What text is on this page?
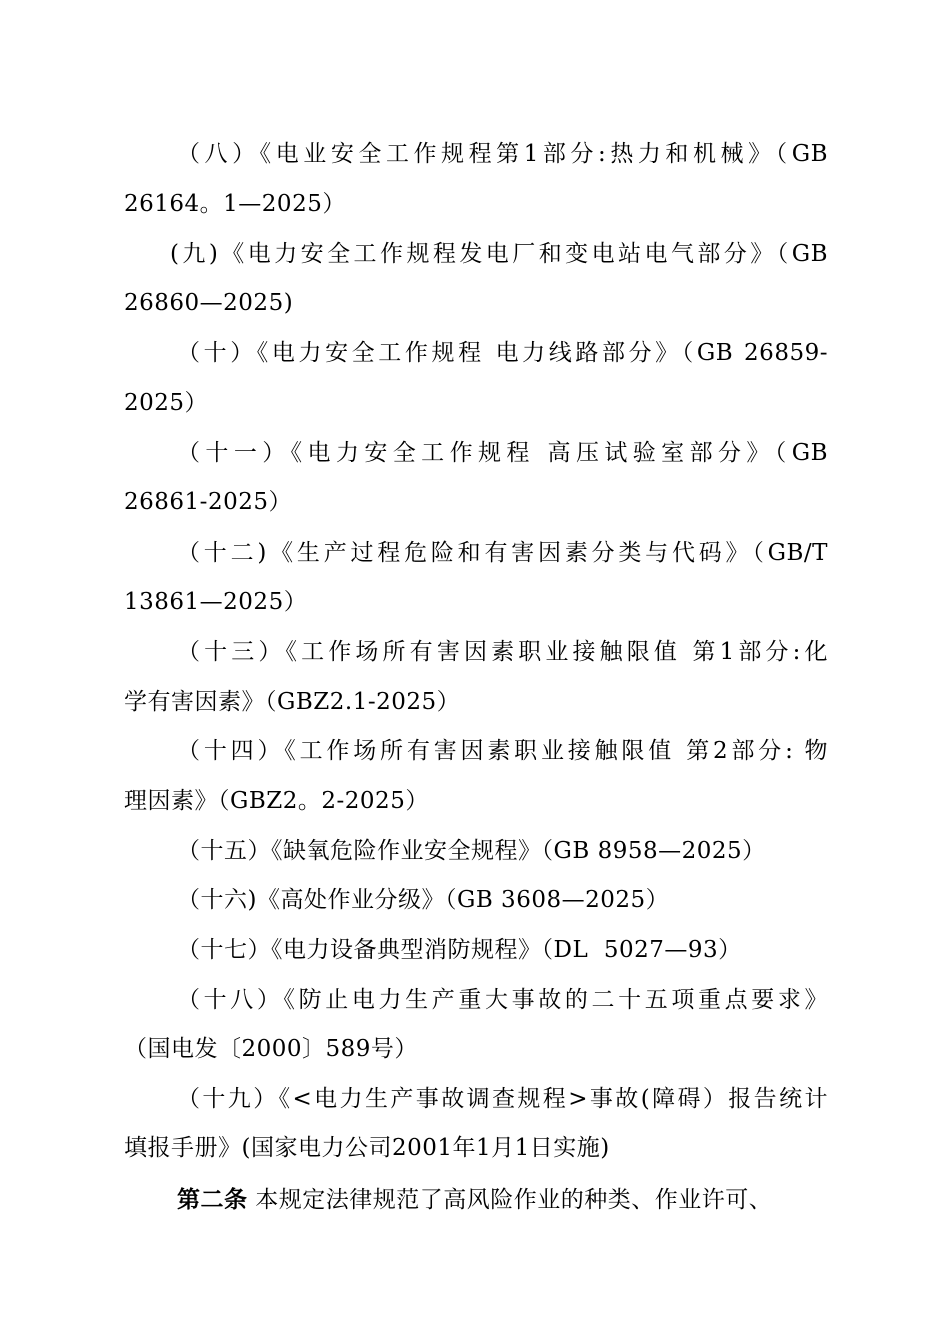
（八）《电业安全工作规程第1部分:热力和机械》（GB
26164。1—2025）
(九)《电力安全工作规程发电厂和变电站电气部分》（GB
26860—2025)
（十）《电力安全工作规程 电力线路部分》（GB 26859-
2025）
（十一）《电力安全工作规程 高压试验室部分》（GB
26861-2025）
（十二)《生产过程危险和有害因素分类与代码》（GB/T
13861—2025）
（十三）《工作场所有害因素职业接触限值 第1部分:化
学有害因素》（GBZ2.1-2025）
（十四）《工作场所有害因素职业接触限值 第2部分: 物
理因素》（GBZ2。2-2025）
（十五）《缺氧危险作业安全规程》（GB 8958—2025）
（十六)《高处作业分级》（GB 3608—2025）
（十七）《电力设备典型消防规程》（DL  5027—93）
（十八）《防止电力生产重大事故的二十五项重点要求》
（国电发〔2000〕589号）
（十九）《<电力生产事故调查规程>事故(障碍）报告统计
填报手册》(国家电力公司2001年1月1日实施)
第二条 本规定法律规范了高风险作业的种类、作业许可、
